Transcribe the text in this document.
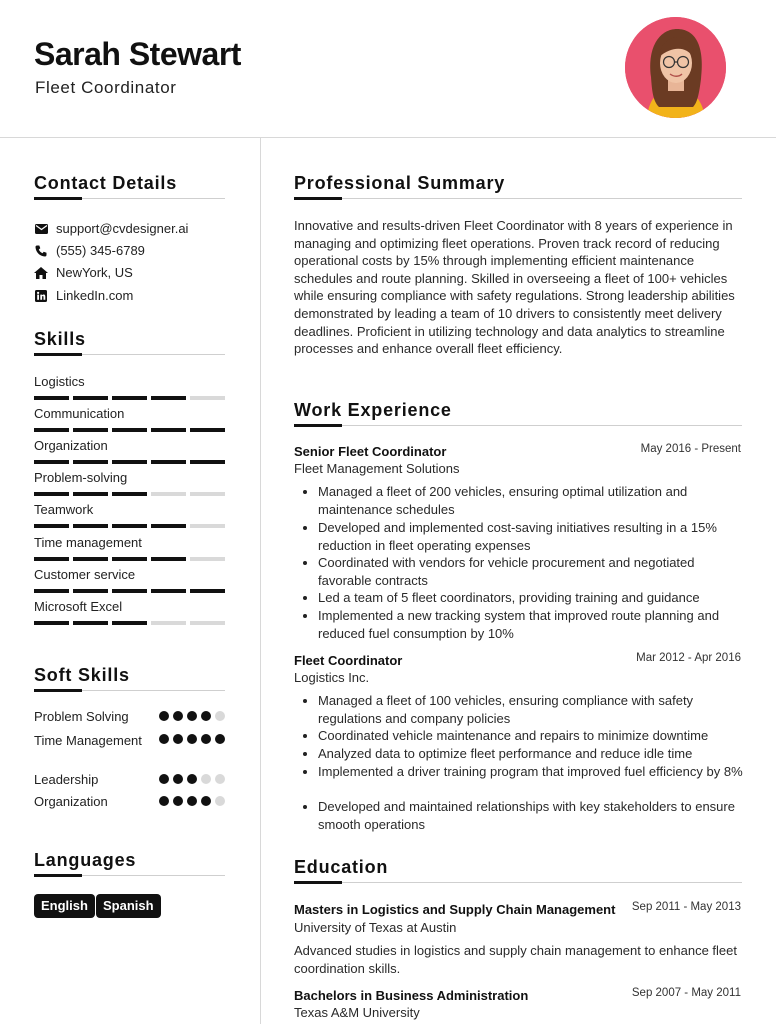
Sarah Stewart
Fleet Coordinator
Contact Details
support@cvdesigner.ai
(555) 345-6789
NewYork, US
LinkedIn.com
Skills
Logistics
Communication
Organization
Problem-solving
Teamwork
Time management
Customer service
Microsoft Excel
Soft Skills
Problem Solving
Time Management
Leadership
Organization
Languages
English	Spanish
Professional Summary
Innovative and results-driven Fleet Coordinator with 8 years of experience in managing and optimizing fleet operations. Proven track record of reducing operational costs by 15% through implementing efficient maintenance schedules and route planning. Skilled in overseeing a fleet of 100+ vehicles while ensuring compliance with safety regulations. Strong leadership abilities demonstrated by leading a team of 10 drivers to consistently meet delivery deadlines. Proficient in utilizing technology and data analytics to streamline processes and enhance overall fleet efficiency.
Work Experience
Senior Fleet Coordinator	May 2016 - Present
Fleet Management Solutions
Managed a fleet of 200 vehicles, ensuring optimal utilization and maintenance schedules
Developed and implemented cost-saving initiatives resulting in a 15% reduction in fleet operating expenses
Coordinated with vendors for vehicle procurement and negotiated favorable contracts
Led a team of 5 fleet coordinators, providing training and guidance
Implemented a new tracking system that improved route planning and reduced fuel consumption by 10%
Fleet Coordinator	Mar 2012 - Apr 2016
Logistics Inc.
Managed a fleet of 100 vehicles, ensuring compliance with safety regulations and company policies
Coordinated vehicle maintenance and repairs to minimize downtime
Analyzed data to optimize fleet performance and reduce idle time
Implemented a driver training program that improved fuel efficiency by 8%
Developed and maintained relationships with key stakeholders to ensure smooth operations
Education
Masters in Logistics and Supply Chain Management Sep 2011 - May 2013
University of Texas at Austin
Advanced studies in logistics and supply chain management to enhance fleet coordination skills.
Bachelors in Business Administration	Sep 2007 - May 2011
Texas A&M University
